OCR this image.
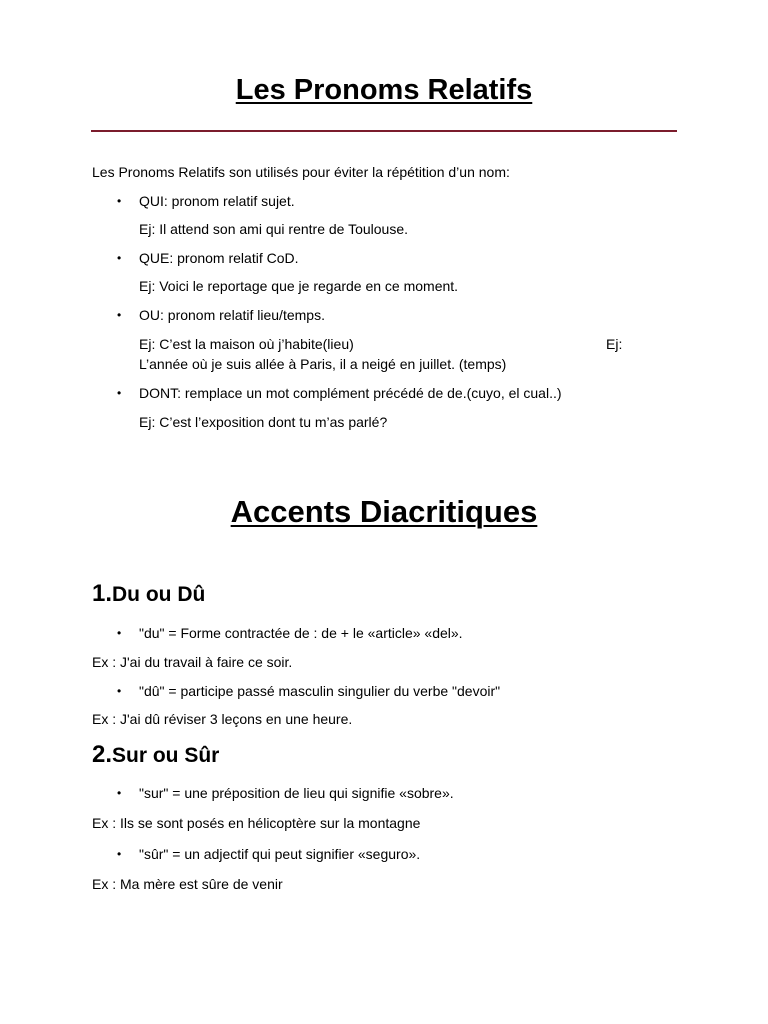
Les Pronoms Relatifs
Les Pronoms Relatifs son utilisés pour éviter la répétition d’un nom:
• QUI: pronom relatif sujet.
Ej: Il attend son ami qui rentre de Toulouse.
• QUE: pronom relatif CoD.
Ej: Voici le reportage que je regarde en ce moment.
• OU: pronom relatif lieu/temps.
Ej: C’est la maison où j’habite(lieu)	Ej:
L’année où je suis allée à Paris, il a neigé en juillet. (temps)
• DONT: remplace un mot complément précédé de de.(cuyo, el cual..)
Ej: C’est l’exposition dont tu m’as parlé?
Accents Diacritiques
1.Du ou Dû
• "du" = Forme contractée de : de + le «article» «del».
Ex : J'ai du travail à faire ce soir.
• "dû" = participe passé masculin singulier du verbe "devoir"
Ex : J'ai dû réviser 3 leçons en une heure.
2.Sur ou Sûr
• "sur" = une préposition de lieu qui signifie «sobre».
Ex : Ils se sont posés en hélicoptère sur la montagne
• "sûr" = un adjectif qui peut signifier «seguro».
Ex : Ma mère est sûre de venir
